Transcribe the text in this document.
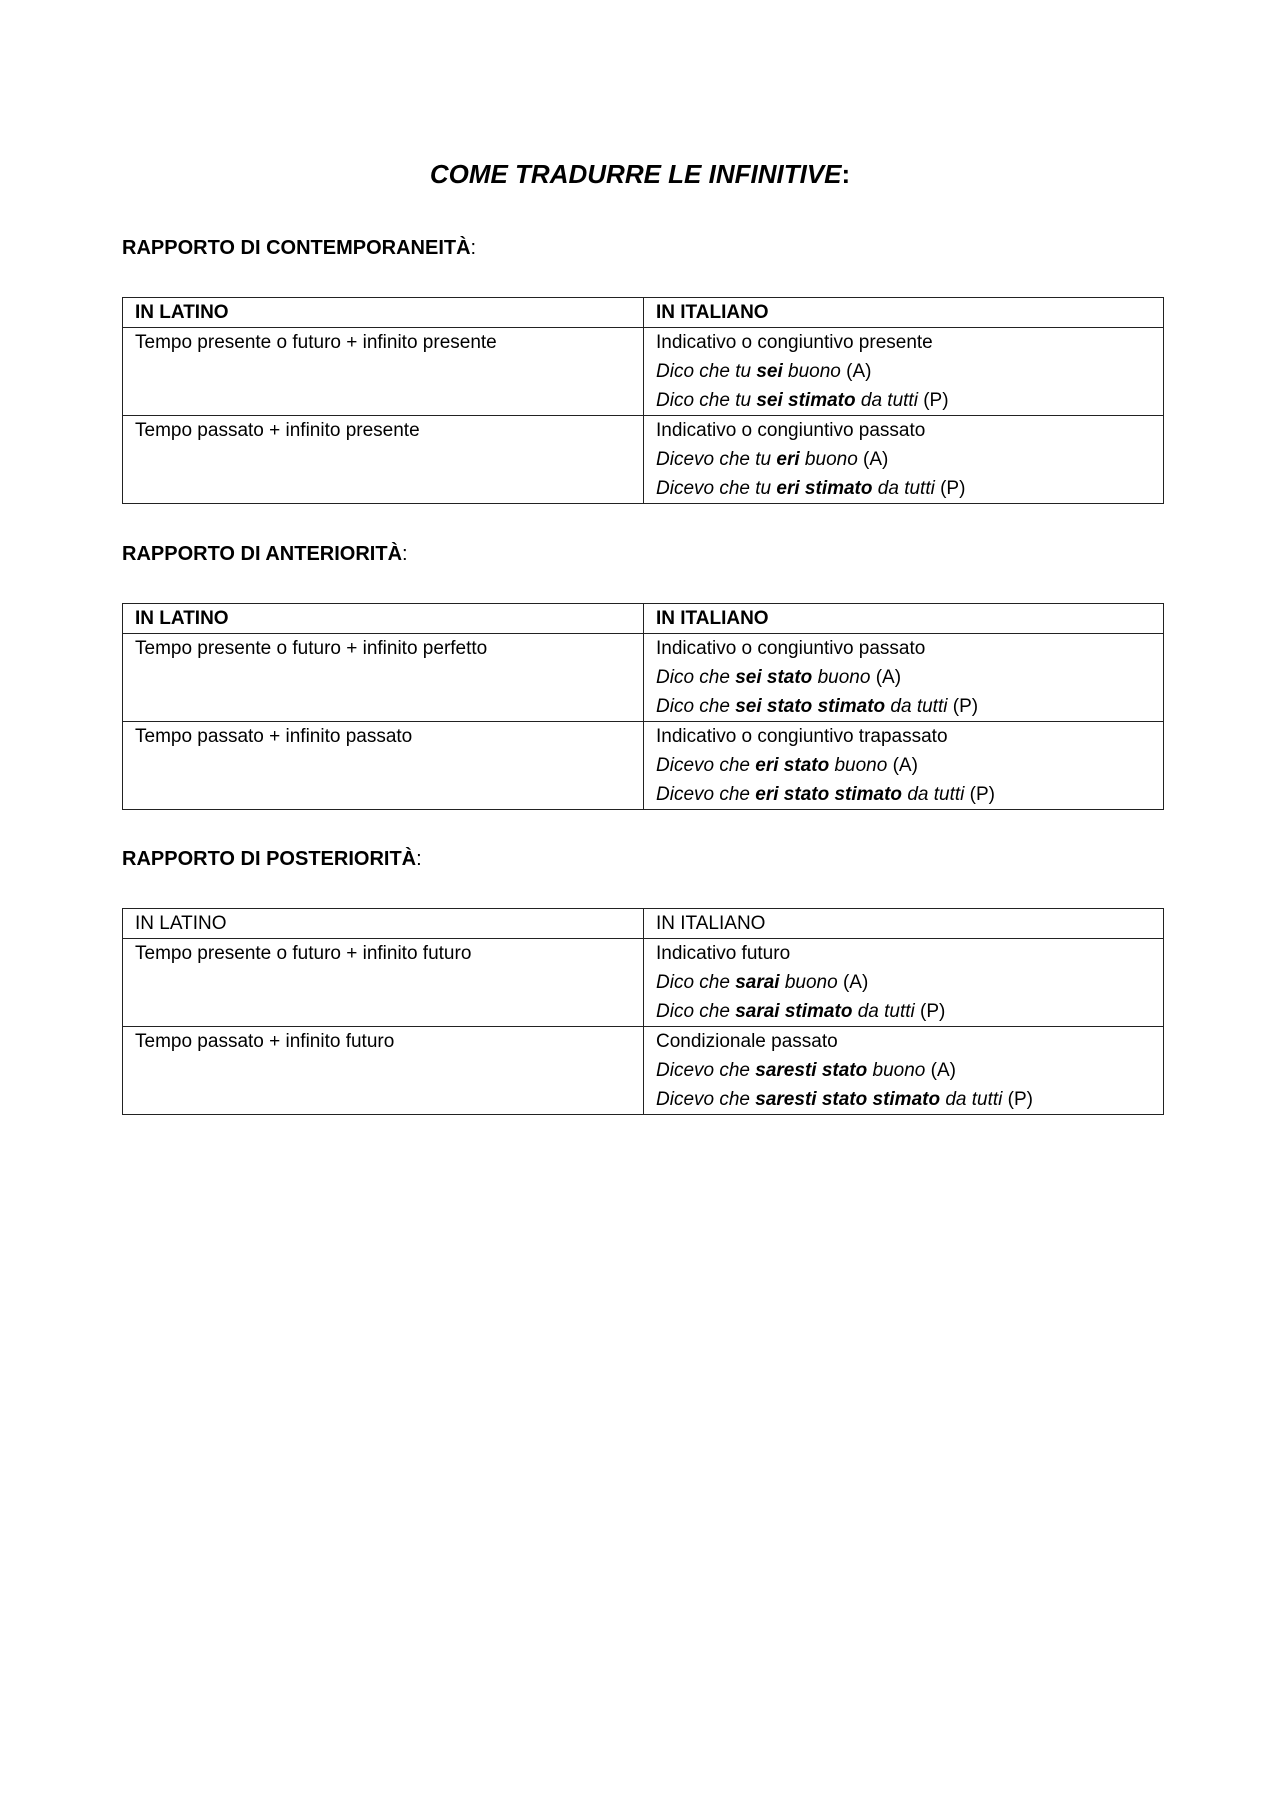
COME TRADURRE LE INFINITIVE:
RAPPORTO DI CONTEMPORANEITÀ:
IN LATINO	IN ITALIANO
Tempo presente o futuro + infinito presente	Indicativo o congiuntivo presente
Dico che tu sei buono (A)
Dico che tu sei stimato da tutti (P)

Tempo passato + infinito presente	Indicativo o congiuntivo passato
Dicevo che tu eri buono (A)
Dicevo che tu eri stimato da tutti (P)
RAPPORTO DI ANTERIORITÀ:
IN LATINO	IN ITALIANO
Tempo presente o futuro + infinito perfetto	Indicativo o congiuntivo passato
Dico che sei stato buono (A)
Dico che sei stato stimato da tutti (P)

Tempo passato + infinito passato	Indicativo o congiuntivo trapassato
Dicevo che eri stato buono (A)
Dicevo che eri stato stimato da tutti (P)
RAPPORTO DI POSTERIORITÀ:
IN LATINO	IN ITALIANO
Tempo presente o futuro + infinito futuro	Indicativo futuro
Dico che sarai buono (A)
Dico che sarai stimato da tutti (P)

Tempo passato + infinito futuro	Condizionale passato
Dicevo che saresti stato buono (A)
Dicevo che saresti stato stimato da tutti (P)
